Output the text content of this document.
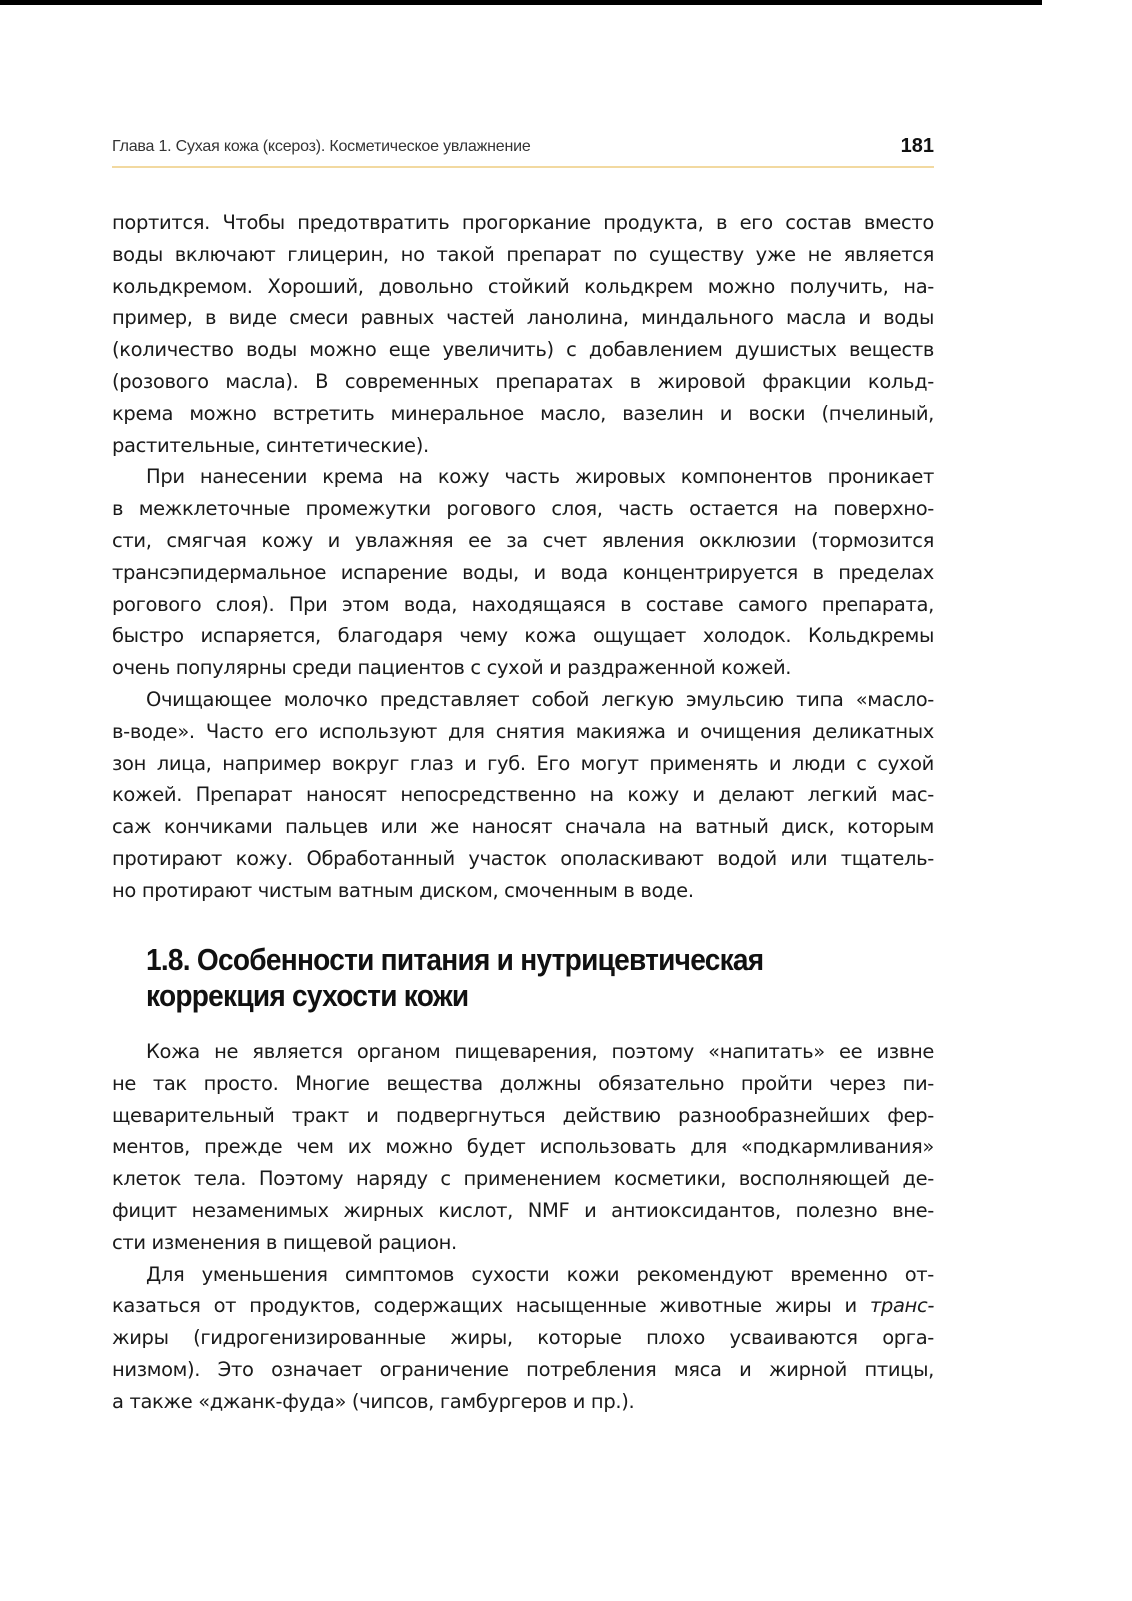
Глава 1. Сухая кожа (ксероз). Косметическое увлажнение	181

портится. Чтобы предотвратить прогоркание продукта, в его состав вместо
воды включают глицерин, но такой препарат по существу уже не является
кольдкремом. Хороший, довольно стойкий кольдкрем можно получить, на-
пример, в виде смеси равных частей ланолина, миндального масла и воды
(количество воды можно еще увеличить) с добавлением душистых веществ
(розового масла). В современных препаратах в жировой фракции кольд-
крема можно встретить минеральное масло, вазелин и воски (пчелиный,
растительные, синтетические).

При нанесении крема на кожу часть жировых компонентов проникает
в межклеточные промежутки рогового слоя, часть остается на поверхно-
сти, смягчая кожу и увлажняя ее за счет явления окклюзии (тормозится
трансэпидермальное испарение воды, и вода концентрируется в пределах
рогового слоя). При этом вода, находящаяся в составе самого препарата,
быстро испаряется, благодаря чему кожа ощущает холодок. Кольдкремы
очень популярны среди пациентов с сухой и раздраженной кожей.

Очищающее молочко представляет собой легкую эмульсию типа «масло-
в-воде». Часто его используют для снятия макияжа и очищения деликатных
зон лица, например вокруг глаз и губ. Его могут применять и люди с сухой
кожей. Препарат наносят непосредственно на кожу и делают легкий мас-
саж кончиками пальцев или же наносят сначала на ватный диск, которым
протирают кожу. Обработанный участок ополаскивают водой или тщатель-
но протирают чистым ватным диском, смоченным в воде.

1.8. Особенности питания и нутрицевтическая
коррекция сухости кожи

Кожа не является органом пищеварения, поэтому «напитать» ее извне
не так просто. Многие вещества должны обязательно пройти через пи-
щеварительный тракт и подвергнуться действию разнообразнейших фер-
ментов, прежде чем их можно будет использовать для «подкармливания»
клеток тела. Поэтому наряду с применением косметики, восполняющей де-
фицит незаменимых жирных кислот, NMF и антиоксидантов, полезно вне-
сти изменения в пищевой рацион.

Для уменьшения симптомов сухости кожи рекомендуют временно от-
казаться от продуктов, содержащих насыщенные животные жиры и транс-
жиры (гидрогенизированные жиры, которые плохо усваиваются орга-
низмом). Это означает ограничение потребления мяса и жирной птицы,
а также «джанк-фуда» (чипсов, гамбургеров и пр.).
